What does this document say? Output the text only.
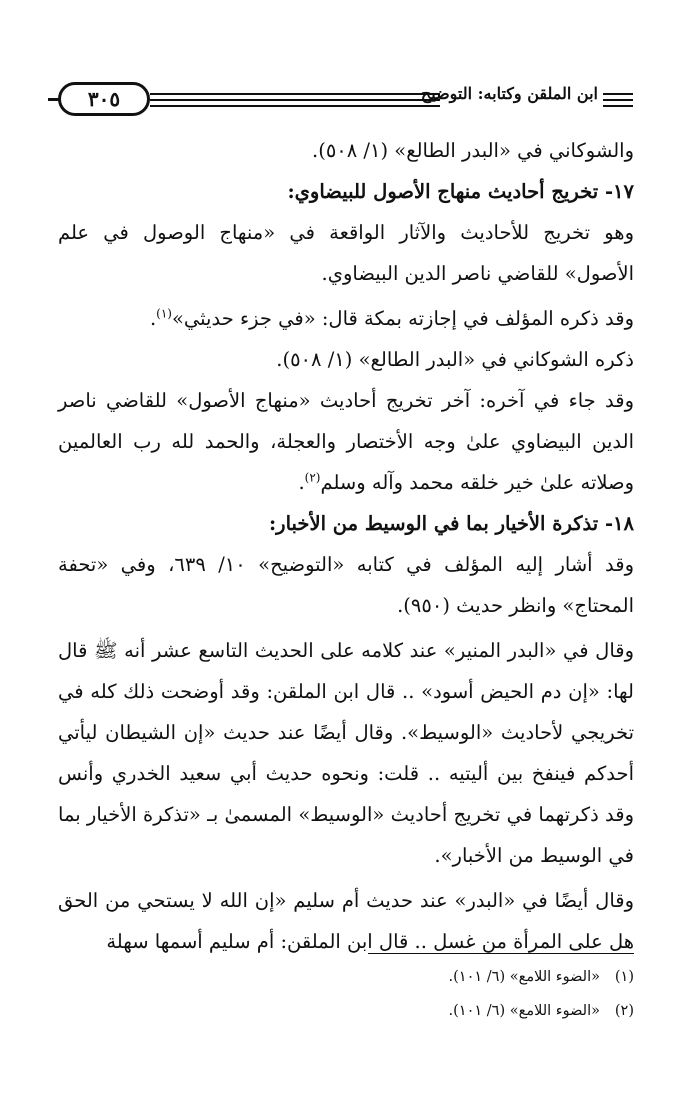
٣٠٥	ابن الملقن وكتابه: التوضيح

والشوكاني في «البدر الطالع» (١/ ٥٠٨).

١٧- تخريج أحاديث منهاج الأصول للبيضاوي:

وهو تخريج للأحاديث والآثار الواقعة في «منهاج الوصول في علم الأصول» للقاضي ناصر الدين البيضاوي.

وقد ذكره المؤلف في إجازته بمكة قال: «في جزء حديثي»$^{(١)}$.

ذكره الشوكاني في «البدر الطالع» (١/ ٥٠٨).

وقد جاء في آخره: آخر تخريج أحاديث «منهاج الأصول» للقاضي ناصر الدين البيضاوي علىٰ وجه الأختصار والعجلة، والحمد لله رب العالمين وصلاته علىٰ خير خلقه محمد وآله وسلم$^{(٢)}$.

١٨- تذكرة الأخيار بما في الوسيط من الأخبار:

وقد أشار إليه المؤلف في كتابه «التوضيح» ١٠/ ٦٣٩، وفي «تحفة المحتاج» وانظر حديث (٩٥٠).

وقال في «البدر المنير» عند كلامه على الحديث التاسع عشر أنه ﷺ قال لها: «إن دم الحيض أسود» .. قال ابن الملقن: وقد أوضحت ذلك كله في تخريجي لأحاديث «الوسيط». وقال أيضًا عند حديث «إن الشيطان ليأتي أحدكم فينفخ بين أليتيه .. قلت: ونحوه حديث أبي سعيد الخدري وأنس وقد ذكرتهما في تخريج أحاديث «الوسيط» المسمىٰ بـ «تذكرة الأخيار بما في الوسيط من الأخبار».

وقال أيضًا في «البدر» عند حديث أم سليم «إن الله لا يستحي من الحق هل على المرأة من غسل .. قال ابن الملقن: أم سليم أسمها سهلة

(١)«الضوء اللامع» (٦/ ١٠١).

(٢)«الضوء اللامع» (٦/ ١٠١).
